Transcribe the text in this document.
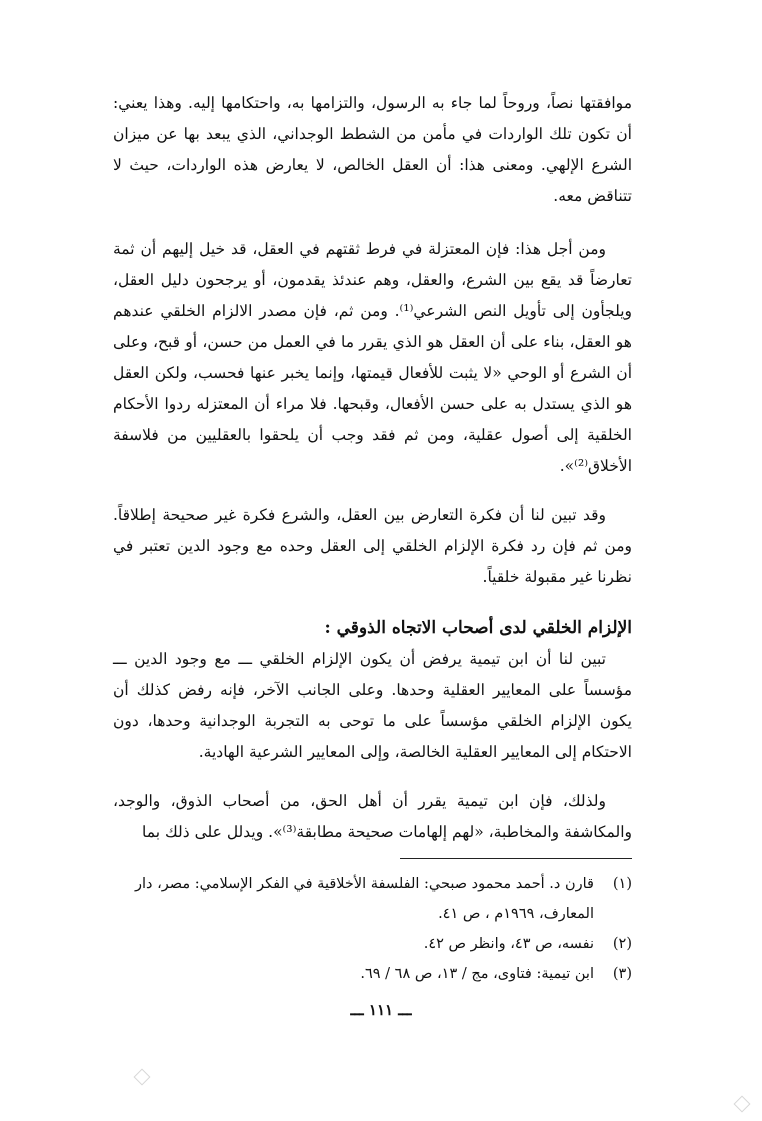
موافقتها نصاً، وروحاً لما جاء به الرسول، والتزامها به، واحتكامها إليه. وهذا يعني: أن تكون تلك الواردات في مأمن من الشطط الوجداني، الذي يبعد بها عن ميزان الشرع الإلهي. ومعنى هذا: أن العقل الخالص، لا يعارض هذه الواردات، حيث لا تتناقض معه.

ومن أجل هذا: فإن المعتزلة في فرط ثقتهم في العقل، قد خيل إليهم أن ثمة تعارضاً قد يقع بين الشرع، والعقل، وهم عندئذ يقدمون، أو يرجحون دليل العقل، ويلجأون إلى تأويل النص الشرعي⁽¹⁾. ومن ثم، فإن مصدر الالزام الخلقي عندهم هو العقل، بناء على أن العقل هو الذي يقرر ما في العمل من حسن، أو قبح، وعلى أن الشرع أو الوحي «لا يثبت للأفعال قيمتها، وإنما يخبر عنها فحسب، ولكن العقل هو الذي يستدل به على حسن الأفعال، وقبحها. فلا مراء أن المعتزله ردوا الأحكام الخلقية إلى أصول عقلية، ومن ثم فقد وجب أن يلحقوا بالعقليين من فلاسفة الأخلاق⁽²⁾».

وقد تبين لنا أن فكرة التعارض بين العقل، والشرع فكرة غير صحيحة إطلاقاً. ومن ثم فإن رد فكرة الإلزام الخلقي إلى العقل وحده مع وجود الدين تعتبر في نظرنا غير مقبولة خلقياً.

الإلزام الخلقي لدى أصحاب الاتجاه الذوقي :

تبين لنا أن ابن تيمية يرفض أن يكون الإلزام الخلقي ـــ مع وجود الدين ـــ مؤسساً على المعايير العقلية وحدها. وعلى الجانب الآخر، فإنه رفض كذلك أن يكون الإلزام الخلقي مؤسساً على ما توحى به التجربة الوجدانية وحدها، دون الاحتكام إلى المعايير العقلية الخالصة، وإلى المعايير الشرعية الهادية.

ولذلك، فإن ابن تيمية يقرر أن أهل الحق، من أصحاب الذوق، والوجد، والمكاشفة والمخاطبة، «لهم إلهامات صحيحة مطابقة⁽³⁾». ويدلل على ذلك بما

(١)
قارن د. أحمد محمود صبحي: الفلسفة الأخلاقية في الفكر الإسلامي: مصر، دار المعارف، ١٩٦٩م ، ص ٤١.
(٢)
نفسه، ص ٤٣، وانظر ص ٤٢.
(٣)
ابن تيمية: فتاوى، مج / ١٣، ص ٦٨ / ٦٩.
ـــ ١١١ ـــ
